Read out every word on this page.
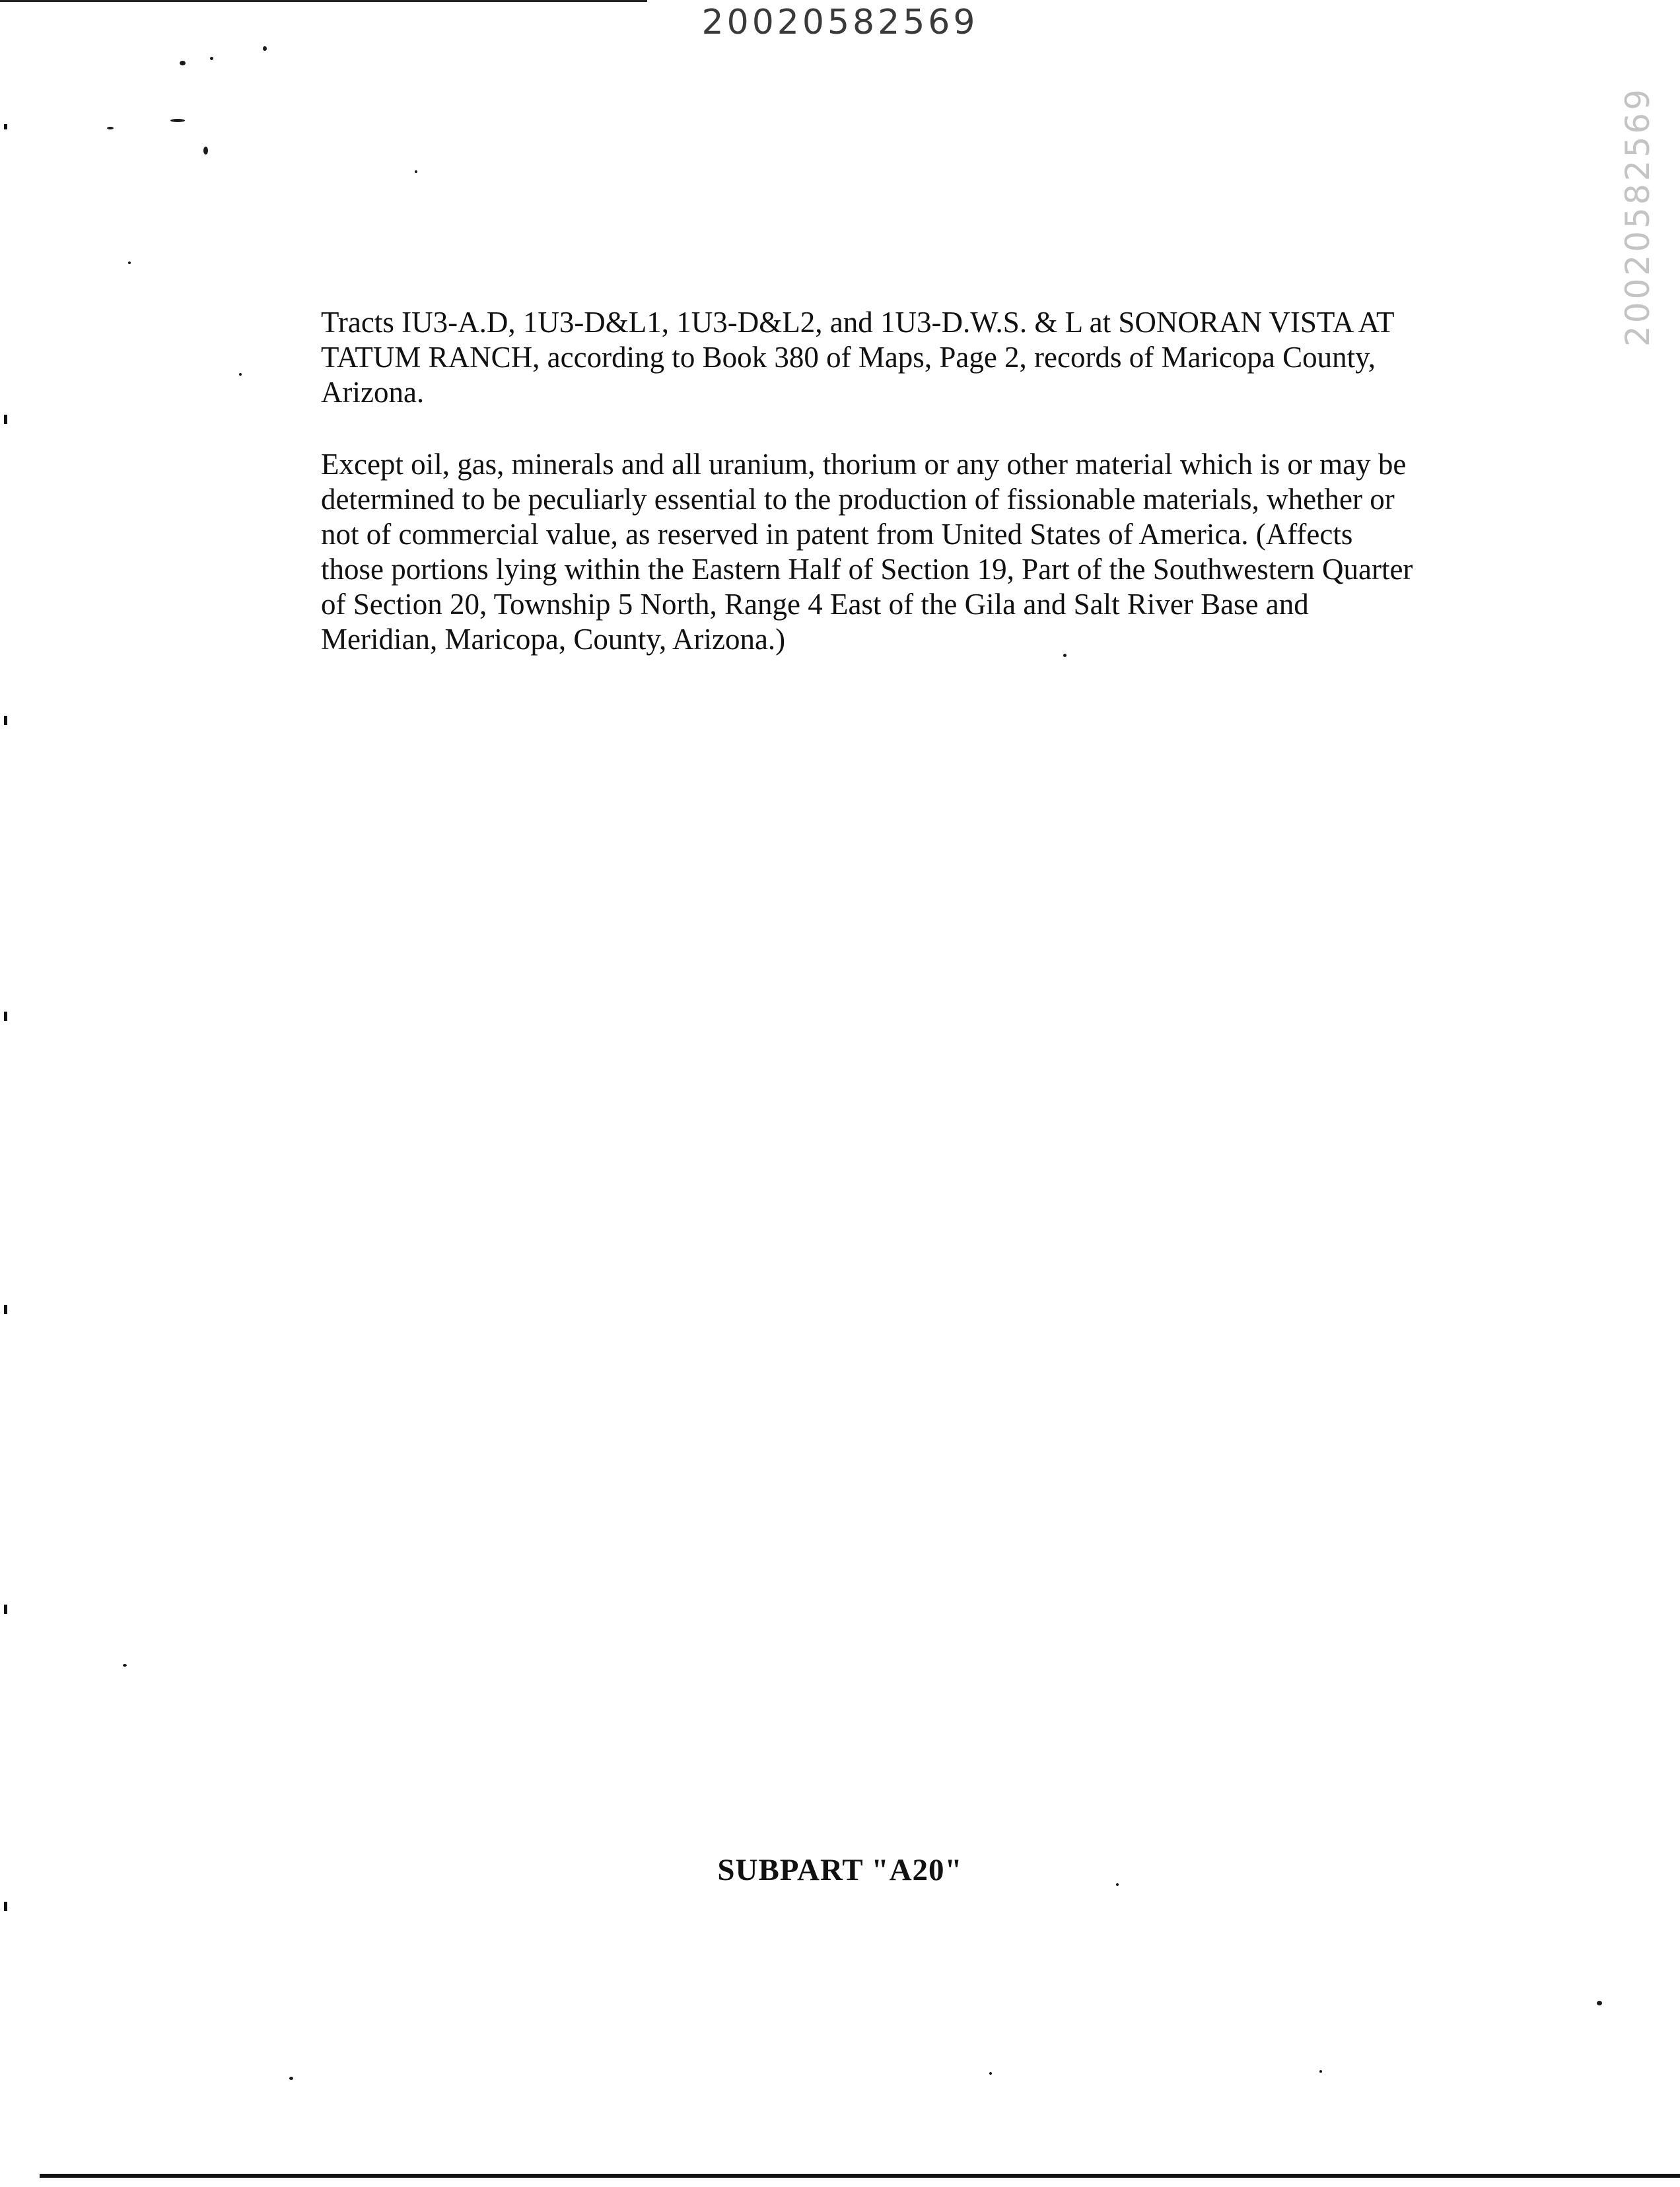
20020582569
20020582569

Tracts IU3-A.D, 1U3-D&L1, 1U3-D&L2, and 1U3-D.W.S. & L at SONORAN VISTA AT TATUM RANCH, according to Book 380 of Maps, Page 2, records of Maricopa County, Arizona.

Except oil, gas, minerals and all uranium, thorium or any other material which is or may be determined to be peculiarly essential to the production of fissionable materials, whether or not of commercial value, as reserved in patent from United States of America. (Affects those portions lying within the Eastern Half of Section 19, Part of the Southwestern Quarter of Section 20, Township 5 North, Range 4 East of the Gila and Salt River Base and Meridian, Maricopa, County, Arizona.)

SUBPART "A20"
